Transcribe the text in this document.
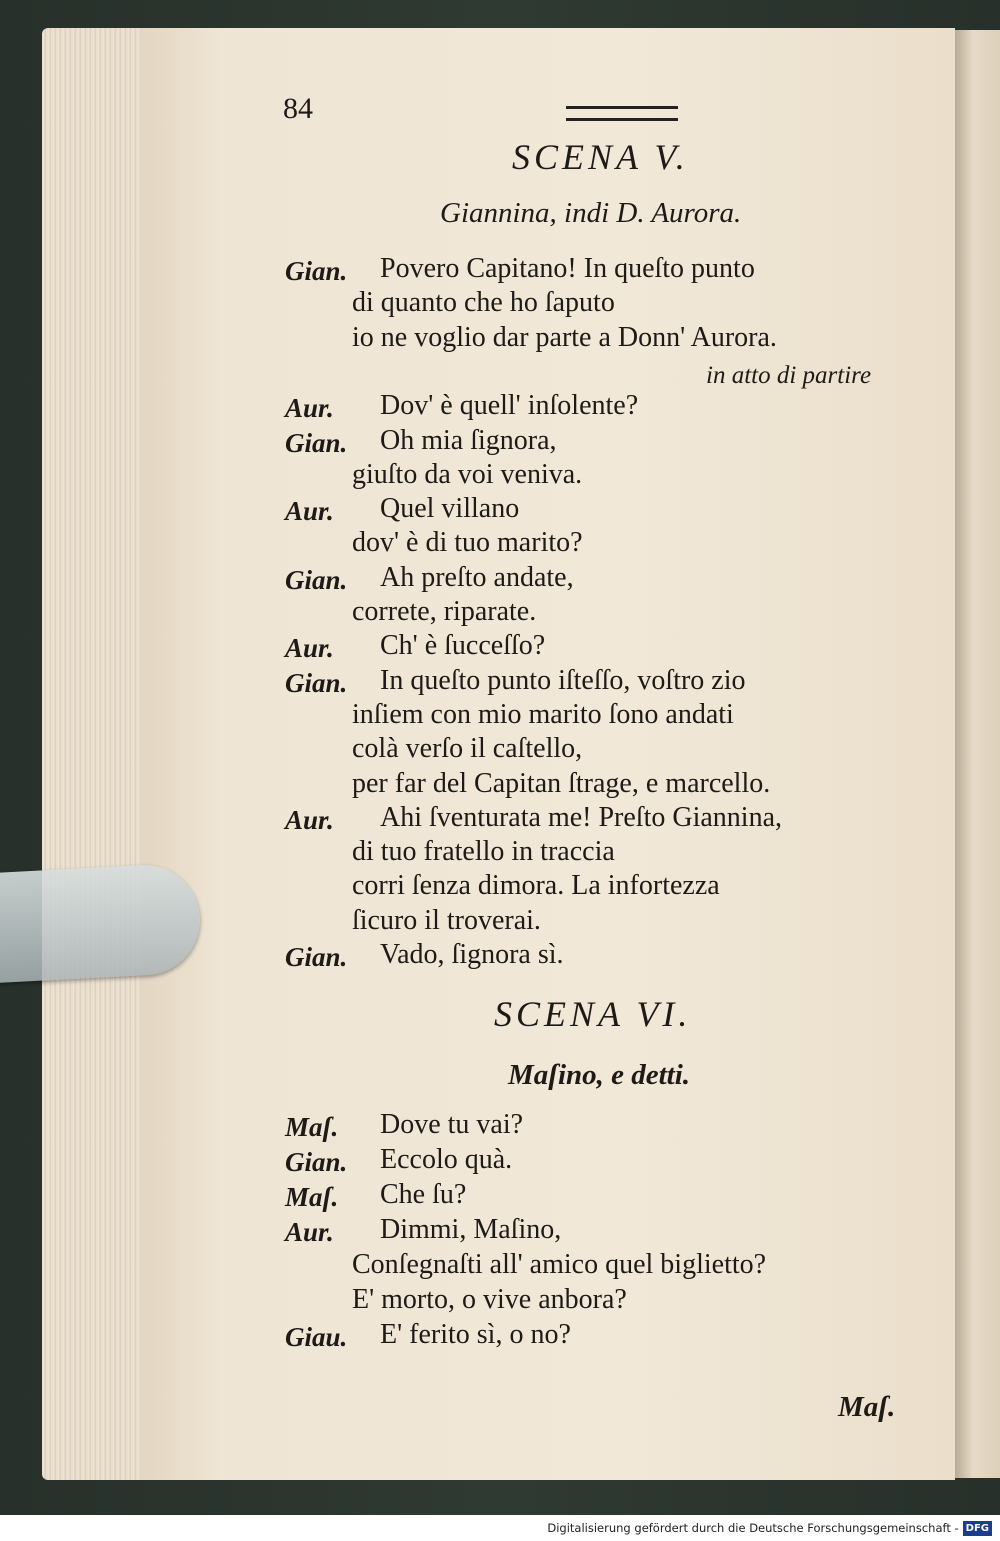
84
SCENA V.
Giannina, indi D. Aurora.
Gian. Povero Capitano! In queſto punto
di quanto che ho ſaputo
io ne voglio dar parte a Donn' Aurora.
in atto di partire
Aur. Dov' è quell' inſolente?
Gian. Oh mia ſignora,
giuſto da voi veniva.
Aur. Quel villano
dov' è di tuo marito?
Gian. Ah preſto andate,
correte, riparate.
Aur. Ch' è ſucceſſo?
Gian. In queſto punto iſteſſo, voſtro zio
inſiem con mio marito ſono andati
colà verſo il caſtello,
per far del Capitan ſtrage, e marcello.
Aur. Ahi ſventurata me! Preſto Giannina,
di tuo fratello in traccia
corri ſenza dimora. La infortezza
ſicuro il troverai.
Gian. Vado, ſignora sì.
SCENA VI.
Maſino, e detti.
Maſ. Dove tu vai?
Gian. Eccolo quà.
Maſ. Che ſu?
Aur. Dimmi, Maſino,
Conſegnaſti all' amico quel biglietto?
E' morto, o vive anbora?
Giau. E' ferito sì, o no?
Maſ.
Digitalisierung gefördert durch die Deutsche Forschungsgemeinschaft - DFG
